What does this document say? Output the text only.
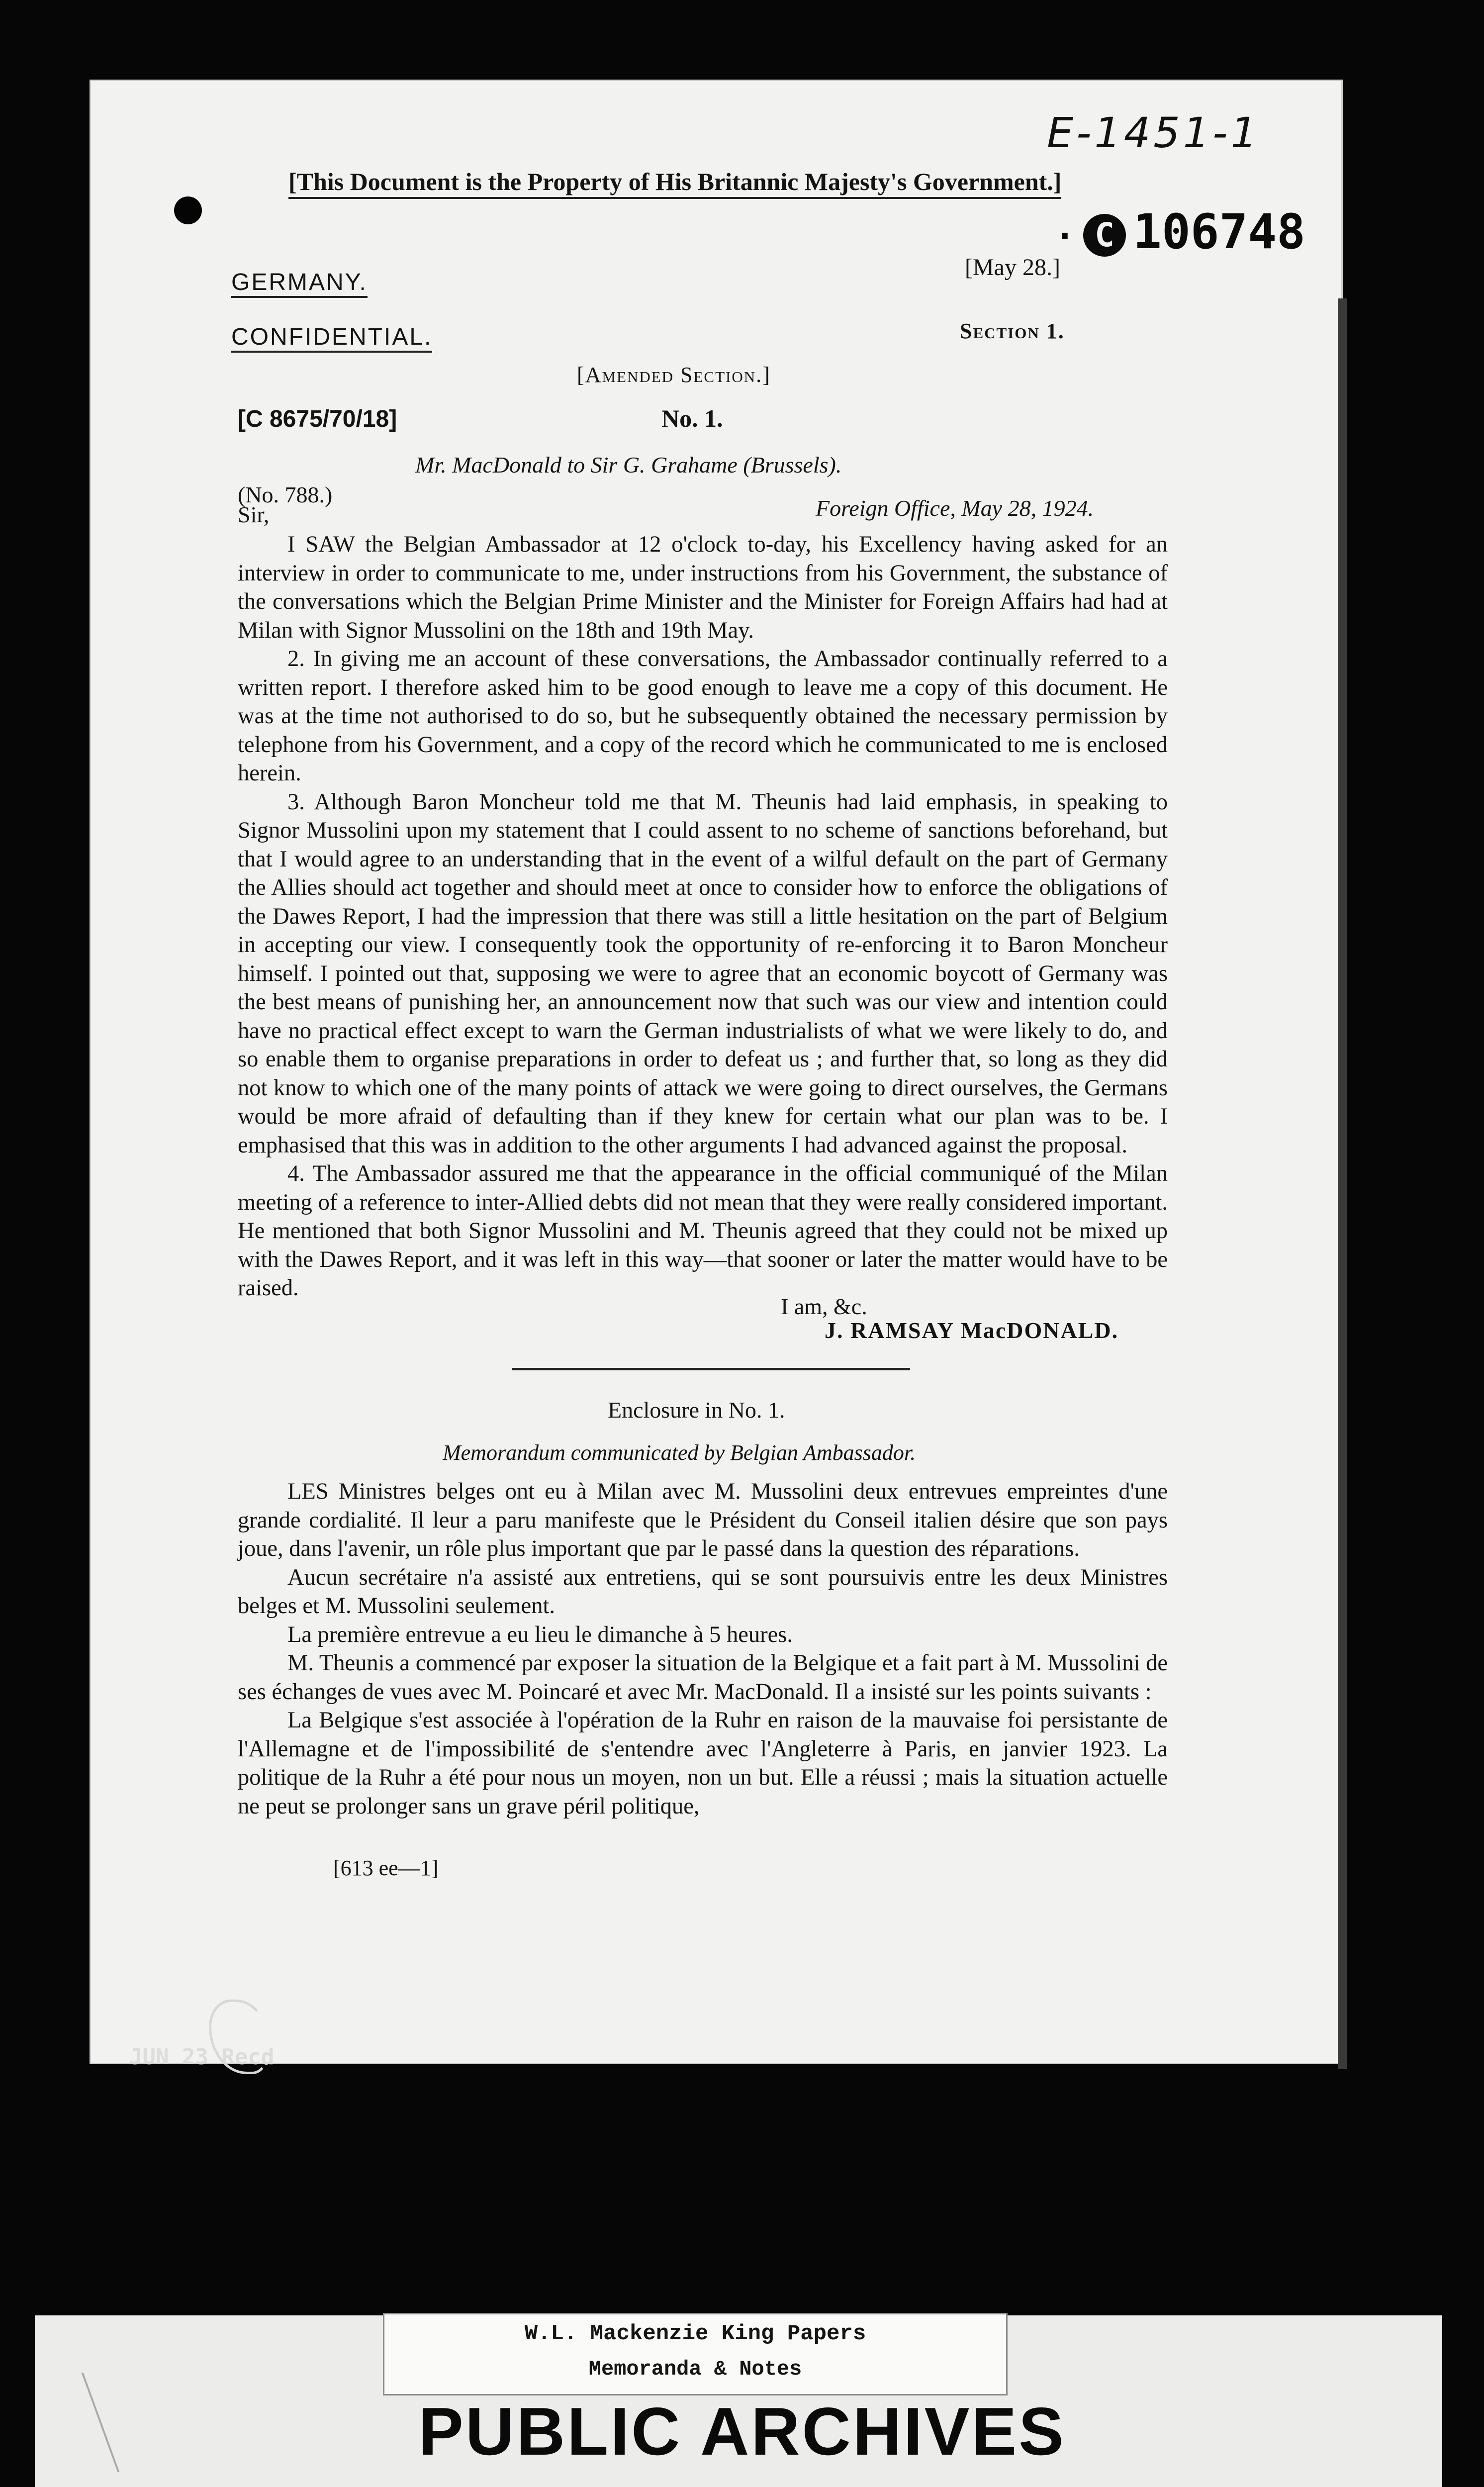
E-1451-1
[This Document is the Property of His Britannic Majesty's Government.]
· C 106748
GERMANY.
CONFIDENTIAL.
[May 28.]
Section 1.
[Amended Section.]
[C 8675/70/18]	No. 1.
Mr. MacDonald to Sir G. Grahame (Brussels).
(No. 788.)
Sir,	Foreign Office, May 28, 1924.

I SAW the Belgian Ambassador at 12 o'clock to-day, his Excellency having asked for an interview in order to communicate to me, under instructions from his Government, the substance of the conversations which the Belgian Prime Minister and the Minister for Foreign Affairs had had at Milan with Signor Mussolini on the 18th and 19th May.

2. In giving me an account of these conversations, the Ambassador continually referred to a written report. I therefore asked him to be good enough to leave me a copy of this document. He was at the time not authorised to do so, but he subsequently obtained the necessary permission by telephone from his Government, and a copy of the record which he communicated to me is enclosed herein.

3. Although Baron Moncheur told me that M. Theunis had laid emphasis, in speaking to Signor Mussolini upon my statement that I could assent to no scheme of sanctions beforehand, but that I would agree to an understanding that in the event of a wilful default on the part of Germany the Allies should act together and should meet at once to consider how to enforce the obligations of the Dawes Report, I had the impression that there was still a little hesitation on the part of Belgium in accepting our view. I consequently took the opportunity of re-enforcing it to Baron Moncheur himself. I pointed out that, supposing we were to agree that an economic boycott of Germany was the best means of punishing her, an announcement now that such was our view and intention could have no practical effect except to warn the German industrialists of what we were likely to do, and so enable them to organise preparations in order to defeat us ; and further that, so long as they did not know to which one of the many points of attack we were going to direct ourselves, the Germans would be more afraid of defaulting than if they knew for certain what our plan was to be. I emphasised that this was in addition to the other arguments I had advanced against the proposal.

4. The Ambassador assured me that the appearance in the official communiqué of the Milan meeting of a reference to inter-Allied debts did not mean that they were really considered important. He mentioned that both Signor Mussolini and M. Theunis agreed that they could not be mixed up with the Dawes Report, and it was left in this way—that sooner or later the matter would have to be raised.

I am, &c.
J. RAMSAY MacDONALD.
Enclosure in No. 1.
Memorandum communicated by Belgian Ambassador.

LES Ministres belges ont eu à Milan avec M. Mussolini deux entrevues empreintes d'une grande cordialité. Il leur a paru manifeste que le Président du Conseil italien désire que son pays joue, dans l'avenir, un rôle plus important que par le passé dans la question des réparations.

Aucun secrétaire n'a assisté aux entretiens, qui se sont poursuivis entre les deux Ministres belges et M. Mussolini seulement.

La première entrevue a eu lieu le dimanche à 5 heures.

M. Theunis a commencé par exposer la situation de la Belgique et a fait part à M. Mussolini de ses échanges de vues avec M. Poincaré et avec Mr. MacDonald. Il a insisté sur les points suivants :

La Belgique s'est associée à l'opération de la Ruhr en raison de la mauvaise foi persistante de l'Allemagne et de l'impossibilité de s'entendre avec l'Angleterre à Paris, en janvier 1923. La politique de la Ruhr a été pour nous un moyen, non un but. Elle a réussi ; mais la situation actuelle ne peut se prolonger sans un grave péril politique,

[613 ee—1]
JUN 23 Recd
W.L. Mackenzie King Papers
Memoranda & Notes
PUBLIC ARCHIVES
